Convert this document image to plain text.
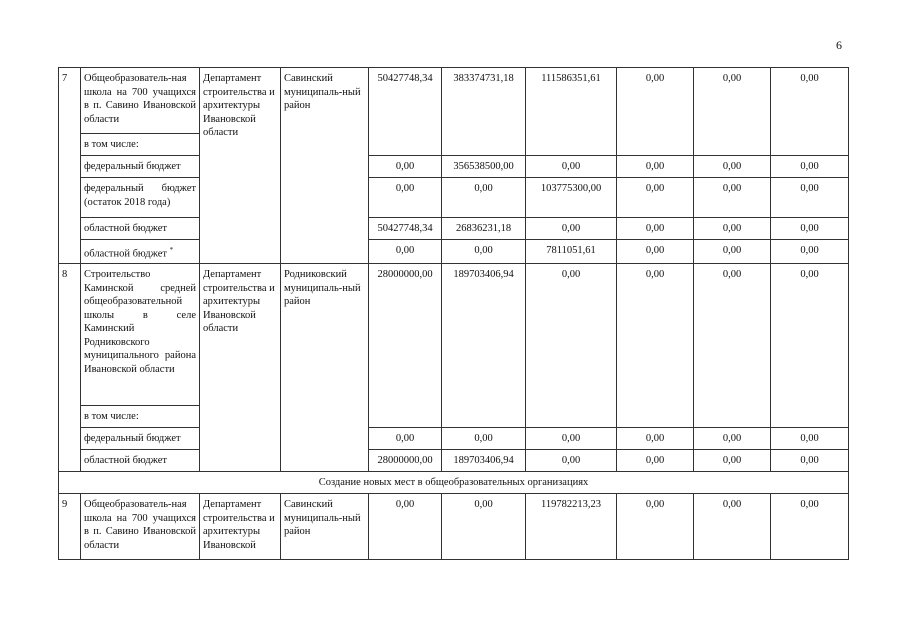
6
7	Общеобразователь-ная школа на 700 учащихся в п. Савино Ивановской области	Департамент строительства и архитектуры Ивановской области	Савинский муниципаль-ный район	50427748,34	383374731,18	111586351,61	0,00	0,00	0,00
	в том числе:								
	федеральный бюджет			0,00	356538500,00	0,00	0,00	0,00	0,00
	федеральный бюджет (остаток 2018 года)			0,00	0,00	103775300,00	0,00	0,00	0,00
	областной бюджет			50427748,34	26836231,18	0,00	0,00	0,00	0,00
	областной бюджет *			0,00	0,00	7811051,61	0,00	0,00	0,00
8	Строительство Каминской средней общеобразовательной школы в селе Каминский Родниковского муниципального района Ивановской области	Департамент строительства и архитектуры Ивановской области	Родниковский муниципаль-ный район	28000000,00	189703406,94	0,00	0,00	0,00	0,00
	в том числе:								
	федеральный бюджет			0,00	0,00	0,00	0,00	0,00	0,00
	областной бюджет			28000000,00	189703406,94	0,00	0,00	0,00	0,00
Создание новых мест в общеобразовательных организациях									
9	Общеобразователь-ная школа на 700 учащихся в п. Савино Ивановской области	Департамент строительства и архитектуры Ивановской	Савинский муниципаль-ный район	0,00	0,00	119782213,23	0,00	0,00	0,00
